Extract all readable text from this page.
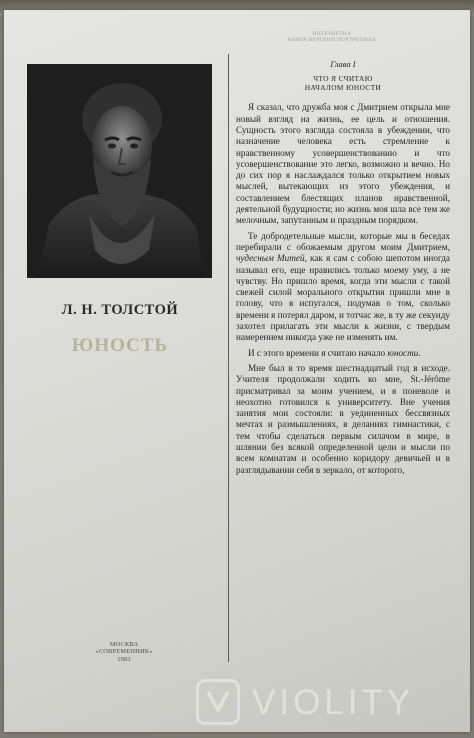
ИНТЕРНЕТНА
КНИГА ВЕЧЕРНИ ПОРТРЕТНЫХ
Л. Н. ТОЛСТОЙ
ЮНОСТЬ
МОСКВА
«СОВРЕМЕННИК»
1983
Глава I
ЧТО Я СЧИТАЮ
НАЧАЛОМ ЮНОСТИ

Я сказал, что дружба моя с Дмитрием открыла мне новый взгляд на жизнь, ее цель и отношения. Сущность этого взгляда состояла в убеждении, что назначение человека есть стремление к нравственному усовершенствованию и что усовершенствование это легко, возможно и вечно. Но до сих пор я наслаждался только открытием новых мыслей, вытекающих из этого убеждения, и составлением блестящих планов нравственной, деятельной будущности; но жизнь моя шла все тем же мелочным, запутанным и праздным порядком.

Те добродетельные мысли, которые мы в беседах перебирали с обожаемым другом моим Дмитрием, чудесным Митей, как я сам с собою шепотом иногда называл его, еще нравились только моему уму, а не чувству. Но пришло время, когда эти мысли с такой свежей силой морального открытия пришли мне в голову, что я испугался, подумав о том, сколько времени я потерял даром, и тотчас же, в ту же секунду захотел прилагать эти мысли к жизни, с твердым намерением никогда уже не изменять им.

И с этого времени я считаю начало юности.

Мне был в то время шестнадцатый год в исходе. Учителя продолжали ходить ко мне, St.-Jérôme присматривал за моим учением, и я поневоле и неохотно готовился к университету. Вне учения занятия мои состояли: в уединенных бессвязных мечтах и размышлениях, в деланиях гимнастики, с тем чтобы сделаться первым силачом в мире, в шлянии без всякой определенной цели и мысли по всем комнатам и особенно коридору девичьей и в разглядывании себя в зеркало, от которого,

VIOLITY
